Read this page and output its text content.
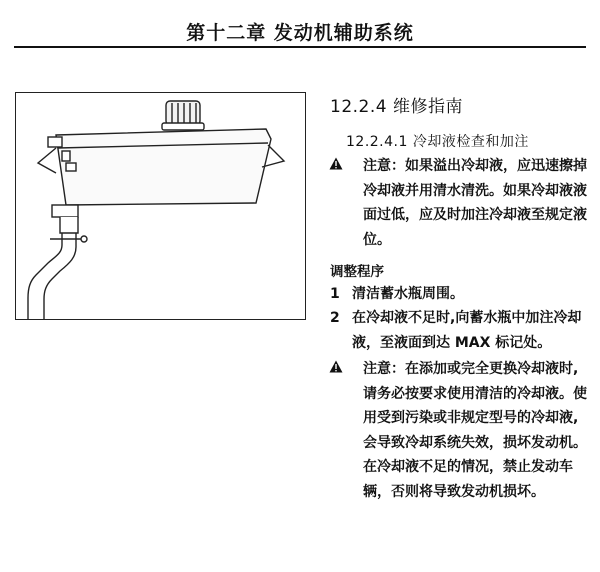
第十二章 发动机辅助系统
12.2.4 维修指南
12.2.4.1 冷却液检查和加注
注意：如果溢出冷却液，应迅速擦掉
冷却液并用清水清洗。如果冷却液液
面过低，应及时加注冷却液至规定液
位。
调整程序
1 清洁蓄水瓶周围。
2 在冷却液不足时,向蓄水瓶中加注冷却
液，至液面到达 MAX 标记处。
注意：在添加或完全更换冷却液时,
请务必按要求使用清洁的冷却液。使
用受到污染或非规定型号的冷却液,
会导致冷却系统失效，损坏发动机。
在冷却液不足的情况，禁止发动车
辆，否则将导致发动机损坏。
